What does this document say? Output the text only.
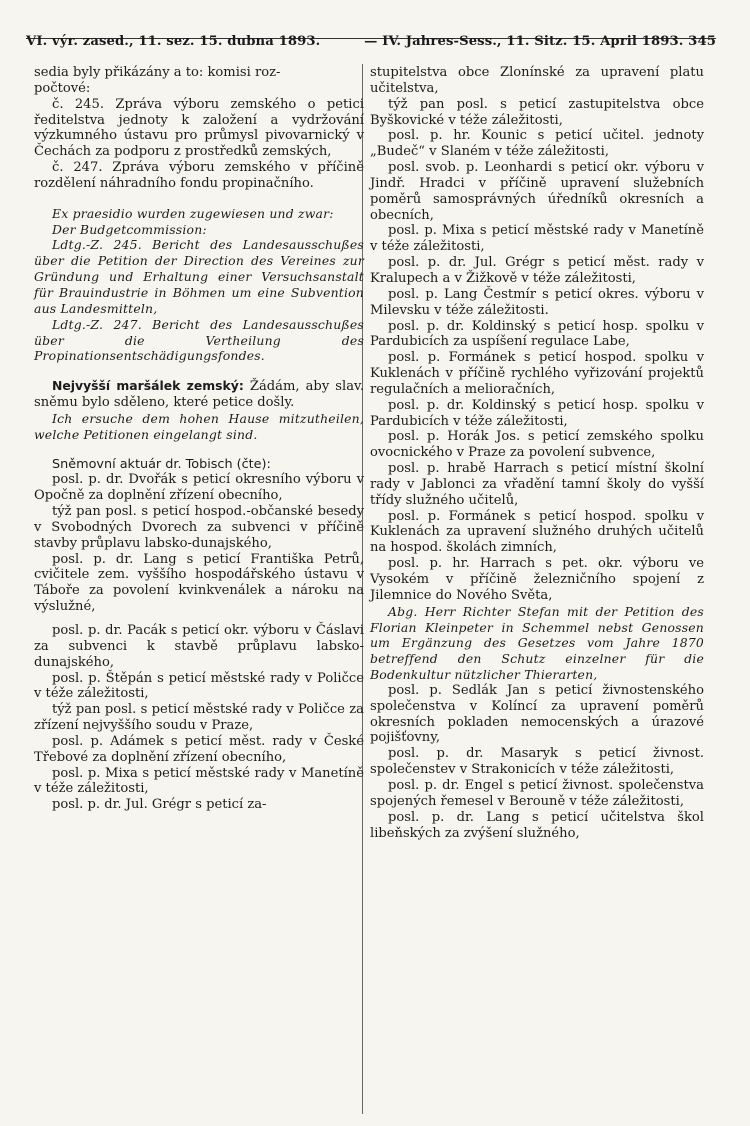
VI. výr. zased., 11. sez. 15. dubna 1893.	— IV. Jahres-Sess., 11. Sitz. 15. April 1893. 345

sedia byly přikázány a to: komisi roz-

počtové:

č. 245. Zpráva výboru zemského o petici ředitelstva jednoty k založení a vydržování výzkumného ústavu pro průmysl pivovarnický v Čechách za podporu z prostředků zemských,

č. 247. Zpráva výboru zemského v příčině rozdělení náhradního fondu propinačního.

Ex praesidio wurden zugewiesen und zwar:

Der Budgetcommission:

Ldtg.-Z. 245. Bericht des Landesausschußes über die Petition der Direction des Vereines zur Gründung und Erhaltung einer Versuchsanstalt für Brauindustrie in Böhmen um eine Subvention aus Landesmitteln,

Ldtg.-Z. 247. Bericht des Landesausschußes über die Vertheilung des Propinationsentschädigungsfondes.

Nejvyšší maršálek zemský: Žádám, aby slav. sněmu bylo sděleno, které petice došly.

Ich ersuche dem hohen Hause mitzutheilen, welche Petitionen eingelangt sind.

Sněmovní aktuár dr. Tobisch (čte):

posl. p. dr. Dvořák s peticí okresního výboru v Opočně za doplnění zřízení obecního,

týž pan posl. s peticí hospod.-občanské besedy v Svobodných Dvorech za subvenci v příčině stavby průplavu labsko-dunajského,

posl. p. dr. Lang s peticí Františka Petrů, cvičitele zem. vyššího hospodářského ústavu v Táboře za povolení kvinkvenálek a nároku na výslužné,

posl. p. dr. Pacák s peticí okr. výboru v Čáslavi za subvenci k stavbě průplavu labsko-dunajského,

posl. p. Štěpán s peticí městské rady v Poličce v téže záležitosti,

týž pan posl. s peticí městské rady v Poličce za zřízení nejvyššího soudu v Praze,

posl. p. Adámek s peticí měst. rady v České Třebové za doplnění zřízení obecního,

posl. p. Mixa s peticí městské rady v Manetíně v téže záležitosti,

posl. p. dr. Jul. Grégr s peticí za-

stupitelstva obce Zlonínské za upravení platu učitelstva,

týž pan posl. s peticí zastupitelstva obce Byškovické v téže záležitosti,

posl. p. hr. Kounic s peticí učitel. jednoty „Budeč“ v Slaném v téže záležitosti,

posl. svob. p. Leonhardi s peticí okr. výboru v Jindř. Hradci v příčině upravení služebních poměrů samosprávných úředníků okresních a obecních,

posl. p. Mixa s peticí městské rady v Manetíně v téže záležitosti,

posl. p. dr. Jul. Grégr s peticí měst. rady v Kralupech a v Žižkově v téže záležitosti,

posl. p. Lang Čestmír s peticí okres. výboru v Milevsku v téže záležitosti.

posl. p. dr. Koldinský s peticí hosp. spolku v Pardubicích za uspíšení regulace Labe,

posl. p. Formánek s peticí hospod. spolku v Kuklenách v příčině rychlého vyřizování projektů regulačních a melioračních,

posl. p. dr. Koldinský s peticí hosp. spolku v Pardubicích v téže záležitosti,

posl. p. Horák Jos. s peticí zemského spolku ovocnického v Praze za povolení subvence,

posl. p. hrabě Harrach s peticí místní školní rady v Jablonci za vřadění tamní školy do vyšší třídy služného učitelů,

posl. p. Formánek s peticí hospod. spolku v Kuklenách za upravení služného druhých učitelů na hospod. školách zimních,

posl. p. hr. Harrach s pet. okr. výboru ve Vysokém v příčině železničního spojení z Jilemnice do Nového Světa,

Abg. Herr Richter Stefan mit der Petition des Florian Kleinpeter in Schemmel nebst Genossen um Ergänzung des Gesetzes vom Jahre 1870 betreffend den Schutz einzelner für die Bodenkultur nützlicher Thierarten,

posl. p. Sedlák Jan s peticí živnostenského společenstva v Kolíncí za upravení poměrů okresních pokladen nemocenských a úrazové pojišťovny,

posl. p. dr. Masaryk s peticí živnost. společenstev v Strakonicích v téže záležitosti,

posl. p. dr. Engel s peticí živnost. společenstva spojených řemesel v Berouně v téže záležitosti,

posl. p. dr. Lang s peticí učitelstva škol libeňských za zvýšení služného,
